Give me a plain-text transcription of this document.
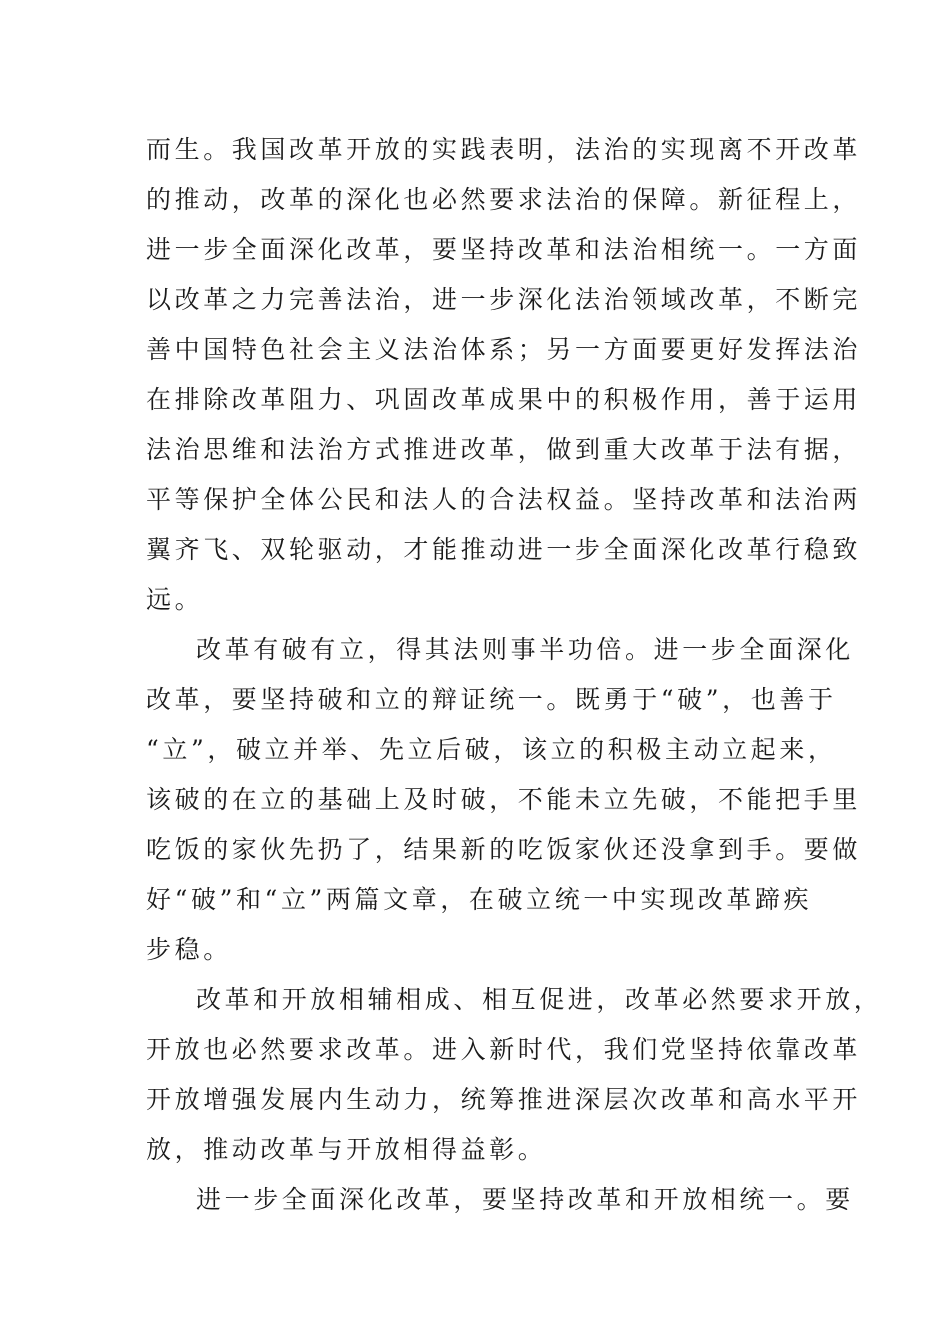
而生。我国改革开放的实践表明，法治的实现离不开改革
的推动，改革的深化也必然要求法治的保障。新征程上，
进一步全面深化改革，要坚持改革和法治相统一。一方面
以改革之力完善法治，进一步深化法治领域改革，不断完
善中国特色社会主义法治体系；另一方面要更好发挥法治
在排除改革阻力、巩固改革成果中的积极作用，善于运用
法治思维和法治方式推进改革，做到重大改革于法有据，
平等保护全体公民和法人的合法权益。坚持改革和法治两
翼齐飞、双轮驱动，才能推动进一步全面深化改革行稳致
远。
改革有破有立，得其法则事半功倍。进一步全面深化
改革，要坚持破和立的辩证统一。既勇于“破”，也善于
“立”，破立并举、先立后破，该立的积极主动立起来，
该破的在立的基础上及时破，不能未立先破，不能把手里
吃饭的家伙先扔了，结果新的吃饭家伙还没拿到手。要做
好“破”和“立”两篇文章，在破立统一中实现改革蹄疾
步稳。
改革和开放相辅相成、相互促进，改革必然要求开放，
开放也必然要求改革。进入新时代，我们党坚持依靠改革
开放增强发展内生动力，统筹推进深层次改革和高水平开
放，推动改革与开放相得益彰。
进一步全面深化改革，要坚持改革和开放相统一。要
